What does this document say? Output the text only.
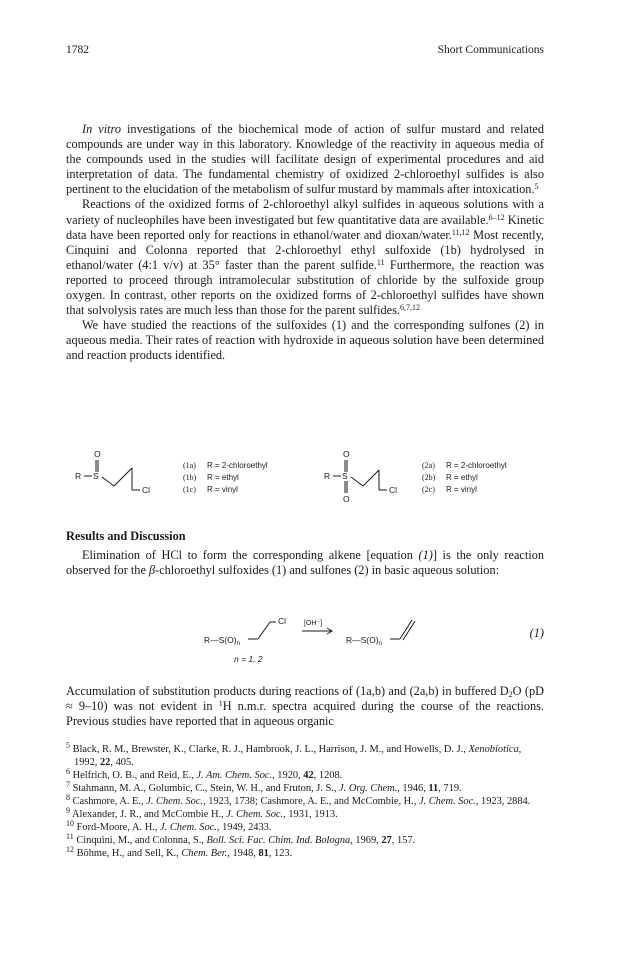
1782	Short Communications

In vitro investigations of the biochemical mode of action of sulfur mustard and related compounds are under way in this laboratory. Knowledge of the reactivity in aqueous media of the compounds used in the studies will facilitate design of experimental procedures and aid interpretation of data. The fundamental chemistry of oxidized 2-chloroethyl sulfides is also pertinent to the elucidation of the metabolism of sulfur mustard by mammals after intoxication.$^5$

Reactions of the oxidized forms of 2-chloroethyl alkyl sulfides in aqueous solutions with a variety of nucleophiles have been investigated but few quantitative data are available.$^{6-12}$ Kinetic data have been reported only for reactions in ethanol/water and dioxan/water.$^{11,12}$ Most recently, Cinquini and Colonna reported that 2-chloroethyl ethyl sulfoxide (1b) hydrolysed in ethanol/water (4:1 v/v) at 35° faster than the parent sulfide.$^{11}$ Furthermore, the reaction was reported to proceed through intramolecular substitution of chloride by the sulfoxide group oxygen. In contrast, other reports on the oxidized forms of 2-chloroethyl sulfides have shown that solvolysis rates are much less than those for the parent sulfides.$^{6,7,12}$

We have studied the reactions of the sulfoxides (1) and the corresponding sulfones (2) in aqueous media. Their rates of reaction with hydroxide in aqueous solution have been determined and reaction products identified.

O
R S
Cl
(1a) R = 2-chloroethyl
(1b) R = ethyl
(1c) R = vinyl
O
O
R S
Cl
(2a) R = 2-chloroethyl
(2b) R = ethyl
(2c) R = vinyl
Results and Discussion

Elimination of HCl to form the corresponding alkene [equation (1)] is the only reaction observed for the β-chloroethyl sulfoxides (1) and sulfones (2) in basic aqueous solution:

$R—S(O)_n$
Cl	[OH⁻]
$R—S(O)_n$
n = 1, 2
(1)

Accumulation of substitution products during reactions of (1a,b) and (2a,b) in buffered $D_2O$ (pD ≈ 9–10) was not evident in $^1$H n.m.r. spectra acquired during the course of the reactions. Previous studies have reported that in aqueous organic

$^5$ Black, R. M., Brewster, K., Clarke, R. J., Hambrook, J. L., Harrison, J. M., and Howells, D. J., Xenobiotica, 1992, 22, 405.

$^6$ Helfrich, O. B., and Reid, E., J. Am. Chem. Soc., 1920, 42, 1208.

$^7$ Stahmann, M. A., Golumbic, C., Stein, W. H., and Fruton, J. S., J. Org. Chem., 1946, 11, 719.

$^8$ Cashmore, A. E., J. Chem. Soc., 1923, 1738; Cashmore, A. E., and McCombie, H., J. Chem. Soc., 1923, 2884.

$^9$ Alexander, J. R., and McCombie H., J. Chem. Soc., 1931, 1913.

$^{10}$ Ford-Moore, A. H., J. Chem. Soc., 1949, 2433.

$^{11}$ Cinquini, M., and Colonna, S., Boll. Sci. Fac. Chim. Ind. Bologna, 1969, 27, 157.

$^{12}$ Böhme, H., and Sell, K., Chem. Ber., 1948, 81, 123.
